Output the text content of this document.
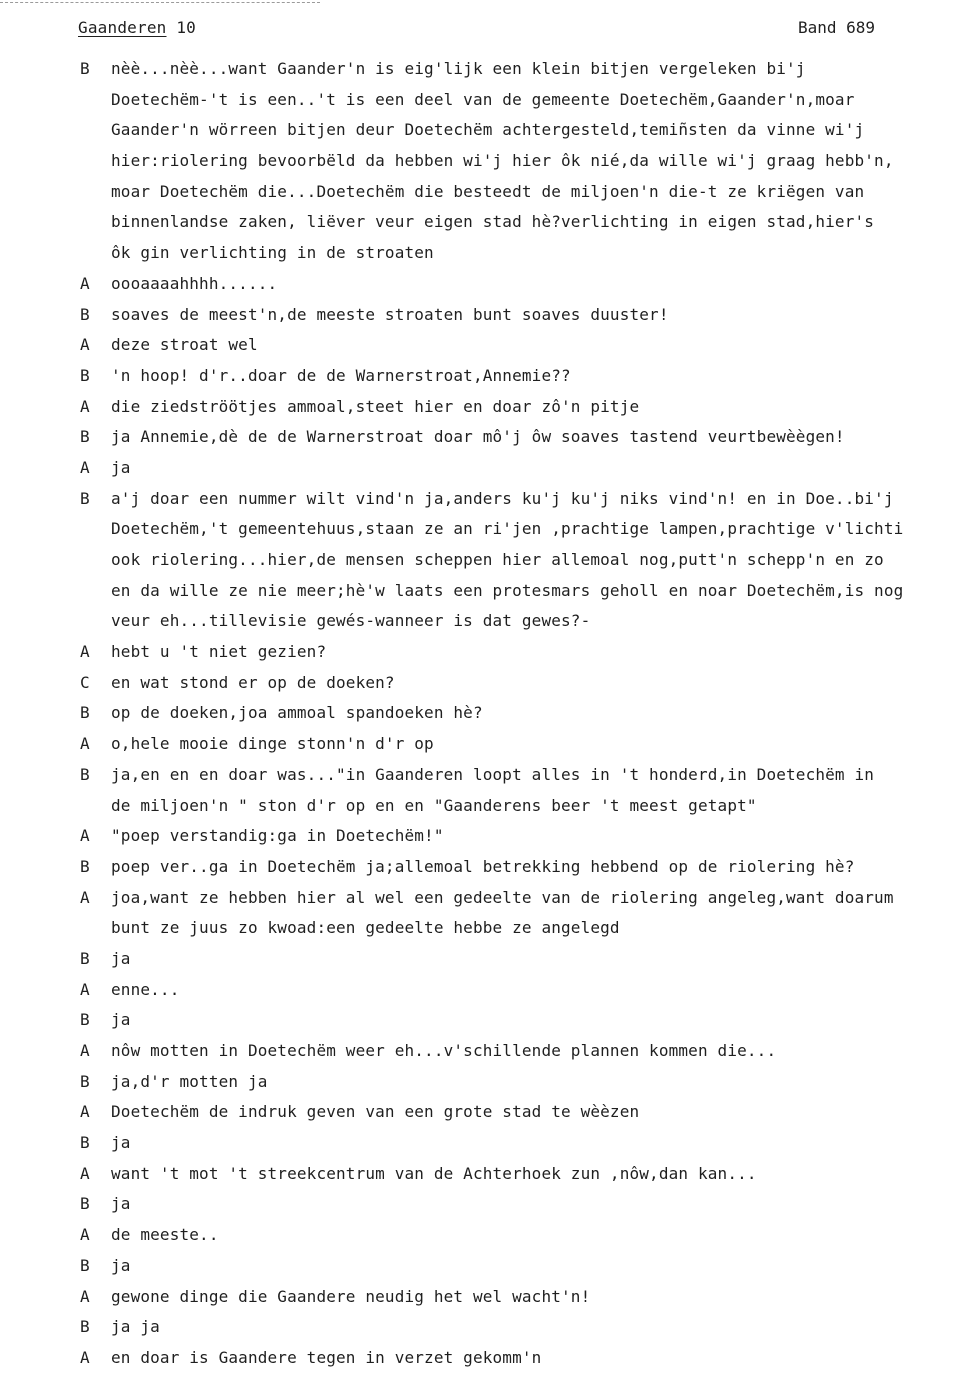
Gaanderen 10	Band 689
B nèè...nèè...want Gaander'n is eig'lijk een klein bitjen vergeleken bi'j
Doetechëm-'t is een..'t is een deel van de gemeente Doetechëm,Gaander'n,moar
Gaander'n wörreen bitjen deur Doetechëm achtergesteld,temiñsten da vinne wi'j
hier:riolering bevoorbëld da hebben wi'j hier ôk nié,da wille wi'j graag hebb'n,
moar Doetechëm die...Doetechëm die besteedt de miljoen'n die-t ze kriëgen van
binnenlandse zaken, liëver veur eigen stad hè?verlichting in eigen stad,hier's
ôk gin verlichting in de stroaten
A oooaaaahhhh......
B soaves de meest'n,de meeste stroaten bunt soaves duuster!
A deze stroat wel
B 'n hoop! d'r..doar de de Warnerstroat,Annemie??
A die ziedströötjes ammoal,steet hier en doar zô'n pitje
B ja Annemie,dè de de Warnerstroat doar mô'j ôw soaves tastend veurtbewèègen!
A ja
B a'j doar een nummer wilt vind'n ja,anders ku'j ku'j niks vind'n! en in Doe..bi'j
Doetechëm,'t gemeentehuus,staan ze an ri'jen ,prachtige lampen,prachtige v'lichti
ook riolering...hier,de mensen scheppen hier allemoal nog,putt'n schepp'n en zo
en da wille ze nie meer;hè'w laats een protesmars geholl en noar Doetechëm,is nog
veur eh...tillevisie gewés-wanneer is dat gewes?-
A hebt u 't niet gezien?
C en wat stond er op de doeken?
B op de doeken,joa ammoal spandoeken hè?
A o,hele mooie dinge stonn'n d'r op
B ja,en en en doar was..."in Gaanderen loopt alles in 't honderd,in Doetechëm in
de miljoen'n " ston d'r op en en "Gaanderens beer 't meest getapt"
A "poep verstandig:ga in Doetechëm!"
B poep ver..ga in Doetechëm ja;allemoal betrekking hebbend op de riolering hè?
A joa,want ze hebben hier al wel een gedeelte van de riolering angeleg,want doarum
bunt ze juus zo kwoad:een gedeelte hebbe ze angelegd
B ja
A enne...
B ja
A nôw motten in Doetechëm weer eh...v'schillende plannen kommen die...
B ja,d'r motten ja
A Doetechëm de indruk geven van een grote stad te wèèzen
B ja
A want 't mot 't streekcentrum van de Achterhoek zun ,nôw,dan kan...
B ja
A de meeste..
B ja
A gewone dinge die Gaandere neudig het wel wacht'n!
B ja ja
A en doar is Gaandere tegen in verzet gekomm'n
